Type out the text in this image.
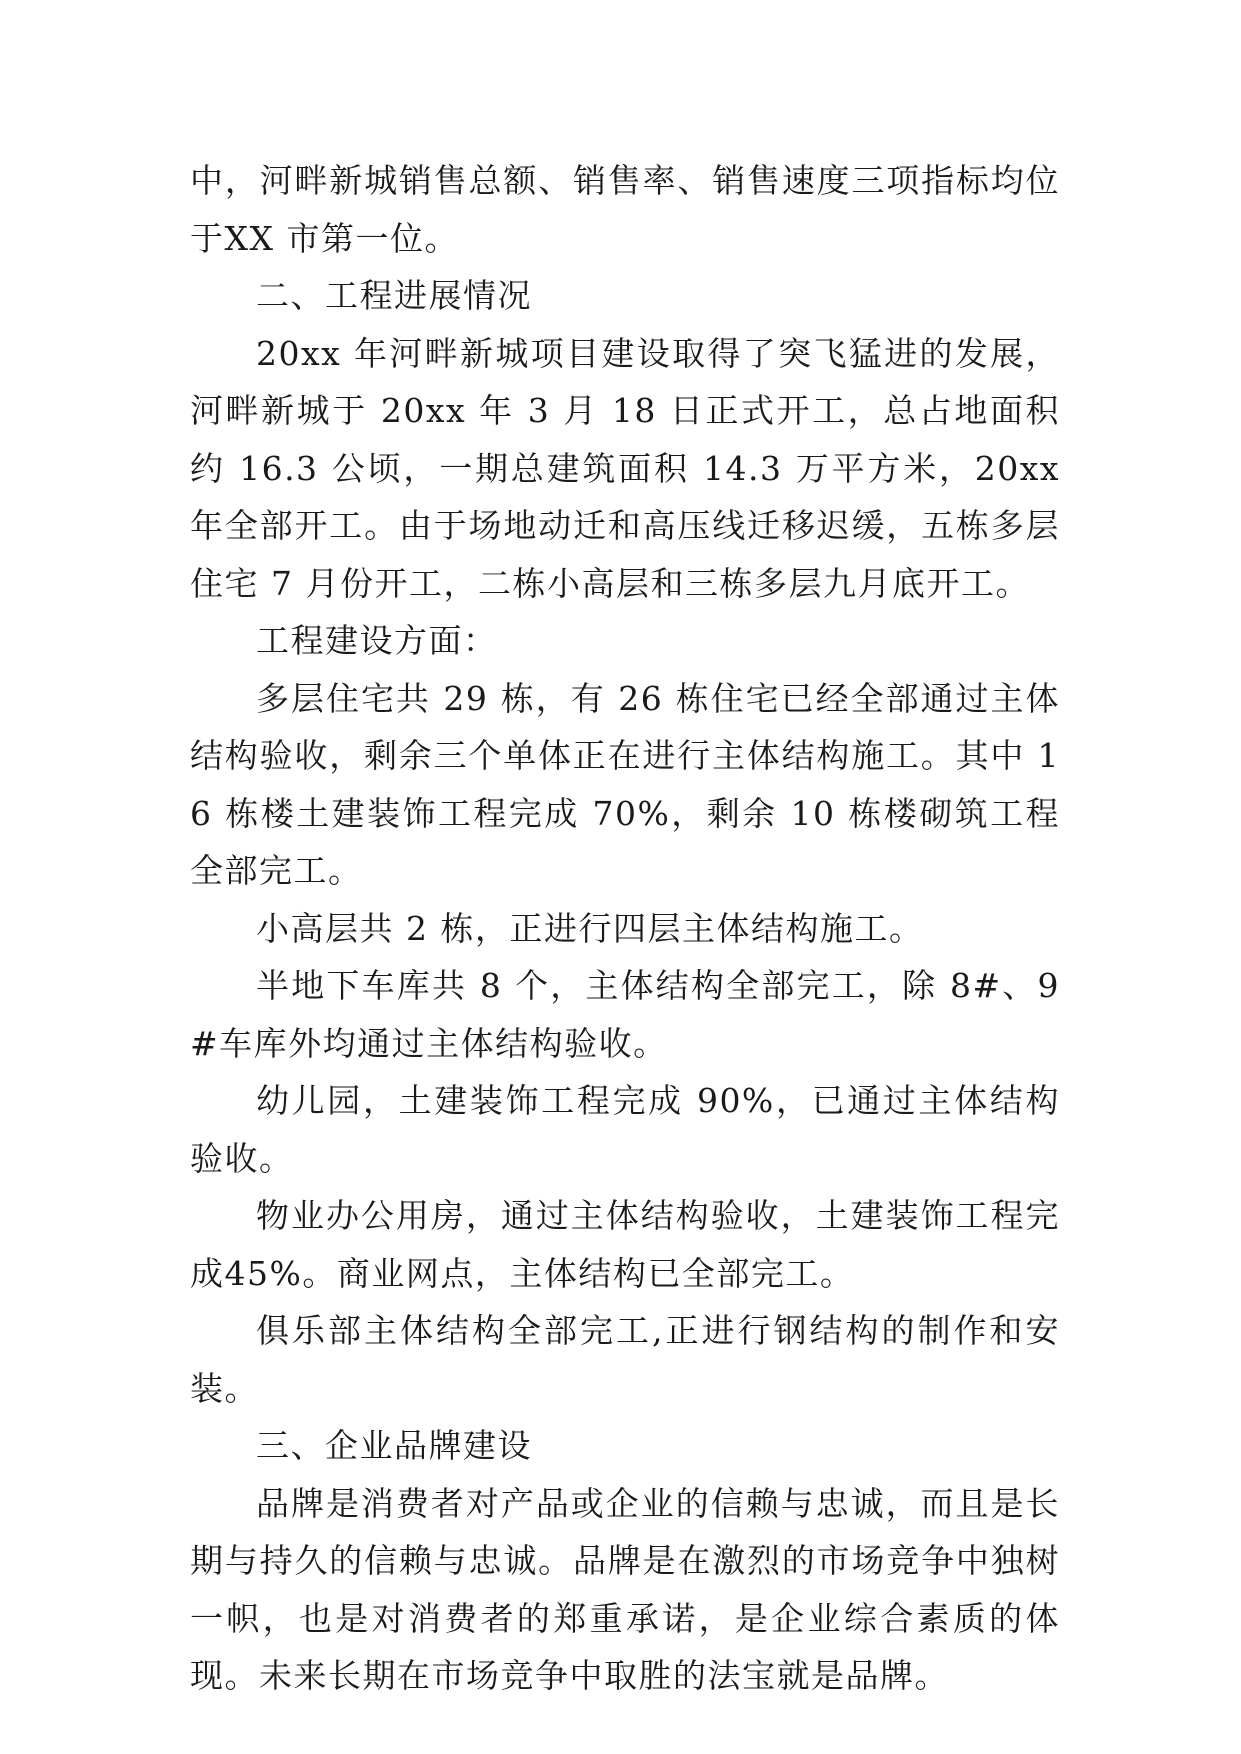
中，河畔新城销售总额、销售率、销售速度三项指标均位于XX 市第一位。

二、工程进展情况

20xx 年河畔新城项目建设取得了突飞猛进的发展，河畔新城于 20xx 年 3 月 18 日正式开工，总占地面积约 16.3 公顷，一期总建筑面积 14.3 万平方米，20xx 年全部开工。由于场地动迁和高压线迁移迟缓，五栋多层住宅 7 月份开工，二栋小高层和三栋多层九月底开工。

工程建设方面：

多层住宅共 29 栋，有 26 栋住宅已经全部通过主体结构验收，剩余三个单体正在进行主体结构施工。其中 16 栋楼土建装饰工程完成 70%，剩余 10 栋楼砌筑工程全部完工。

小高层共 2 栋，正进行四层主体结构施工。

半地下车库共 8 个，主体结构全部完工，除 8#、9#车库外均通过主体结构验收。

幼儿园，土建装饰工程完成 90%，已通过主体结构验收。

物业办公用房，通过主体结构验收，土建装饰工程完成45%。商业网点，主体结构已全部完工。

俱乐部主体结构全部完工,正进行钢结构的制作和安装。

三、企业品牌建设

品牌是消费者对产品或企业的信赖与忠诚，而且是长期与持久的信赖与忠诚。品牌是在激烈的市场竞争中独树一帜，也是对消费者的郑重承诺，是企业综合素质的体现。未来长期在市场竞争中取胜的法宝就是品牌。
